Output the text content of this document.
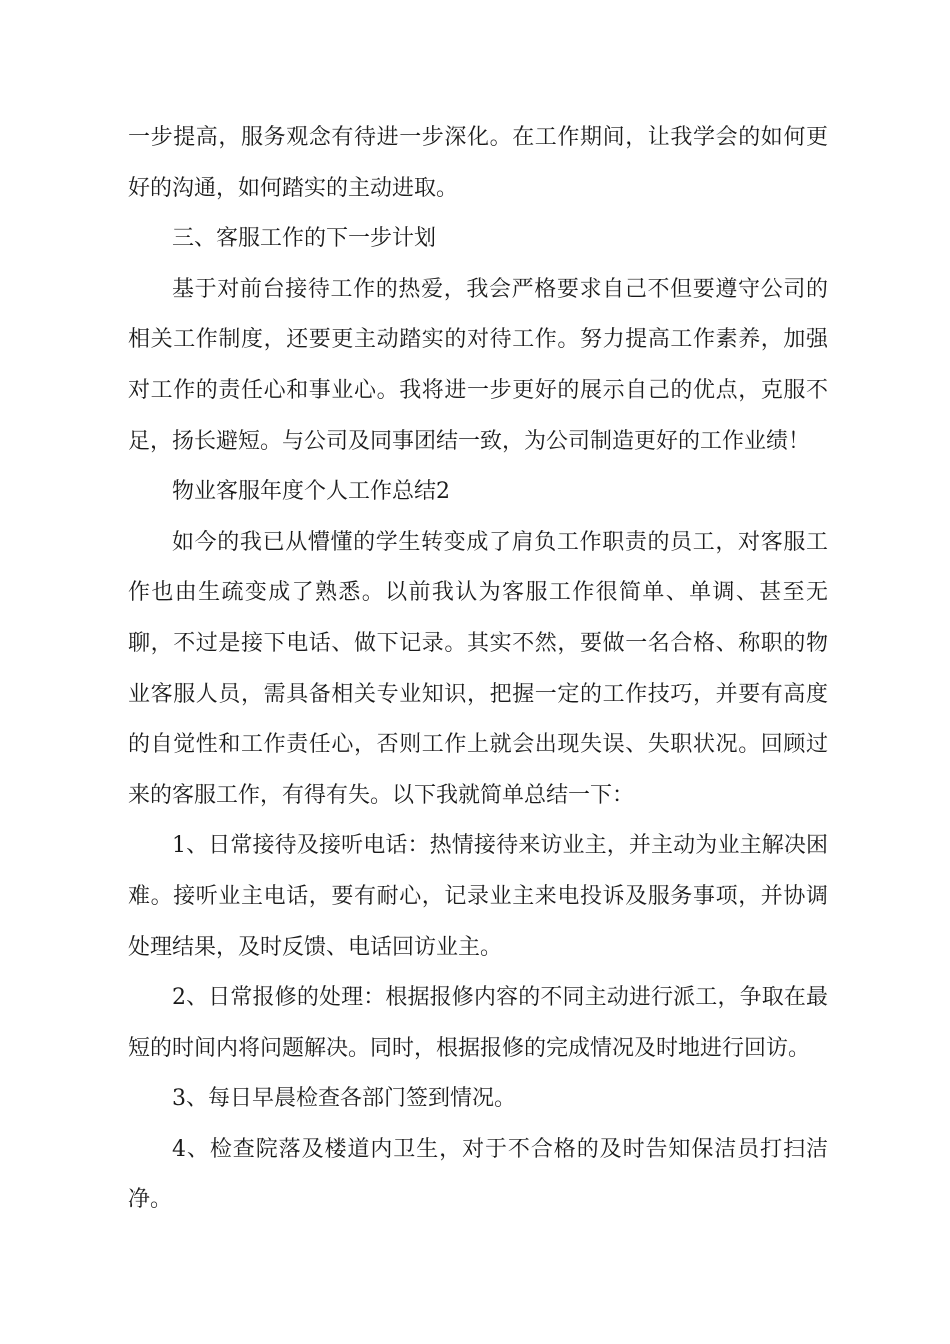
一步提高，服务观念有待进一步深化。在工作期间，让我学会的如何更好的沟通，如何踏实的主动进取。

三、客服工作的下一步计划

基于对前台接待工作的热爱，我会严格要求自己不但要遵守公司的相关工作制度，还要更主动踏实的对待工作。努力提高工作素养，加强对工作的责任心和事业心。我将进一步更好的展示自己的优点，克服不足，扬长避短。与公司及同事团结一致，为公司制造更好的工作业绩！

物业客服年度个人工作总结2

如今的我已从懵懂的学生转变成了肩负工作职责的员工，对客服工作也由生疏变成了熟悉。以前我认为客服工作很简单、单调、甚至无聊，不过是接下电话、做下记录。其实不然，要做一名合格、称职的物业客服人员，需具备相关专业知识，把握一定的工作技巧，并要有高度的自觉性和工作责任心，否则工作上就会出现失误、失职状况。回顾过来的客服工作，有得有失。以下我就简单总结一下：

1、日常接待及接听电话：热情接待来访业主，并主动为业主解决困难。接听业主电话，要有耐心，记录业主来电投诉及服务事项，并协调处理结果，及时反馈、电话回访业主。

2、日常报修的处理：根据报修内容的不同主动进行派工，争取在最短的时间内将问题解决。同时，根据报修的完成情况及时地进行回访。

3、每日早晨检查各部门签到情况。

4、检查院落及楼道内卫生，对于不合格的及时告知保洁员打扫洁净。
